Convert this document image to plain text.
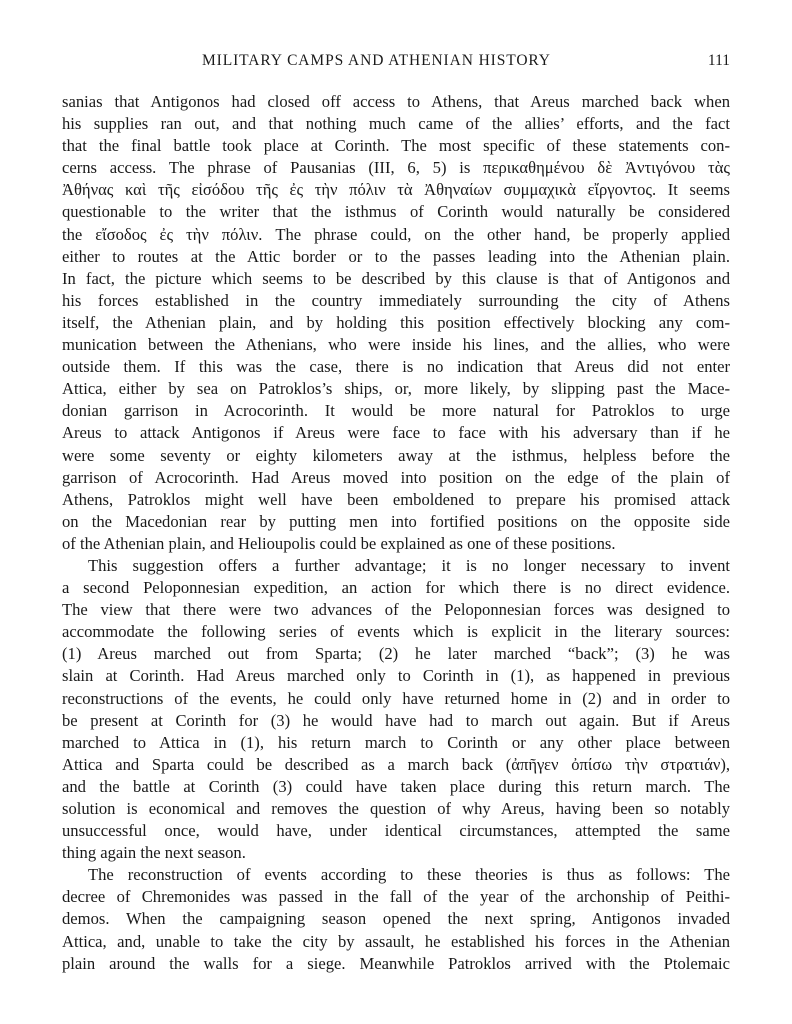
MILITARY CAMPS AND ATHENIAN HISTORY	111
sanias that Antigonos had closed off access to Athens, that Areus marched back when
his supplies ran out, and that nothing much came of the allies’ efforts, and the fact
that the final battle took place at Corinth. The most specific of these statements con-
cerns access. The phrase of Pausanias (III, 6, 5) is περικαθημένου δὲ Ἀντιγόνου τὰς
Ἀθήνας καὶ τῆς εἰσόδου τῆς ἐς τὴν πόλιν τὰ Ἀθηναίων συμμαχικὰ εἴργοντος. It seems
questionable to the writer that the isthmus of Corinth would naturally be considered
the εἴσοδος ἐς τὴν πόλιν. The phrase could, on the other hand, be properly applied
either to routes at the Attic border or to the passes leading into the Athenian plain.
In fact, the picture which seems to be described by this clause is that of Antigonos and
his forces established in the country immediately surrounding the city of Athens
itself, the Athenian plain, and by holding this position effectively blocking any com-
munication between the Athenians, who were inside his lines, and the allies, who were
outside them. If this was the case, there is no indication that Areus did not enter
Attica, either by sea on Patroklos’s ships, or, more likely, by slipping past the Mace-
donian garrison in Acrocorinth. It would be more natural for Patroklos to urge
Areus to attack Antigonos if Areus were face to face with his adversary than if he
were some seventy or eighty kilometers away at the isthmus, helpless before the
garrison of Acrocorinth. Had Areus moved into position on the edge of the plain of
Athens, Patroklos might well have been emboldened to prepare his promised attack
on the Macedonian rear by putting men into fortified positions on the opposite side
of the Athenian plain, and Helioupolis could be explained as one of these positions.
This suggestion offers a further advantage; it is no longer necessary to invent
a second Peloponnesian expedition, an action for which there is no direct evidence.
The view that there were two advances of the Peloponnesian forces was designed to
accommodate the following series of events which is explicit in the literary sources:
(1) Areus marched out from Sparta; (2) he later marched “back”; (3) he was
slain at Corinth. Had Areus marched only to Corinth in (1), as happened in previous
reconstructions of the events, he could only have returned home in (2) and in order to
be present at Corinth for (3) he would have had to march out again. But if Areus
marched to Attica in (1), his return march to Corinth or any other place between
Attica and Sparta could be described as a march back (ἀπῆγεν ὀπίσω τὴν στρατιάν),
and the battle at Corinth (3) could have taken place during this return march. The
solution is economical and removes the question of why Areus, having been so notably
unsuccessful once, would have, under identical circumstances, attempted the same
thing again the next season.
The reconstruction of events according to these theories is thus as follows: The
decree of Chremonides was passed in the fall of the year of the archonship of Peithi-
demos. When the campaigning season opened the next spring, Antigonos invaded
Attica, and, unable to take the city by assault, he established his forces in the Athenian
plain around the walls for a siege. Meanwhile Patroklos arrived with the Ptolemaic
